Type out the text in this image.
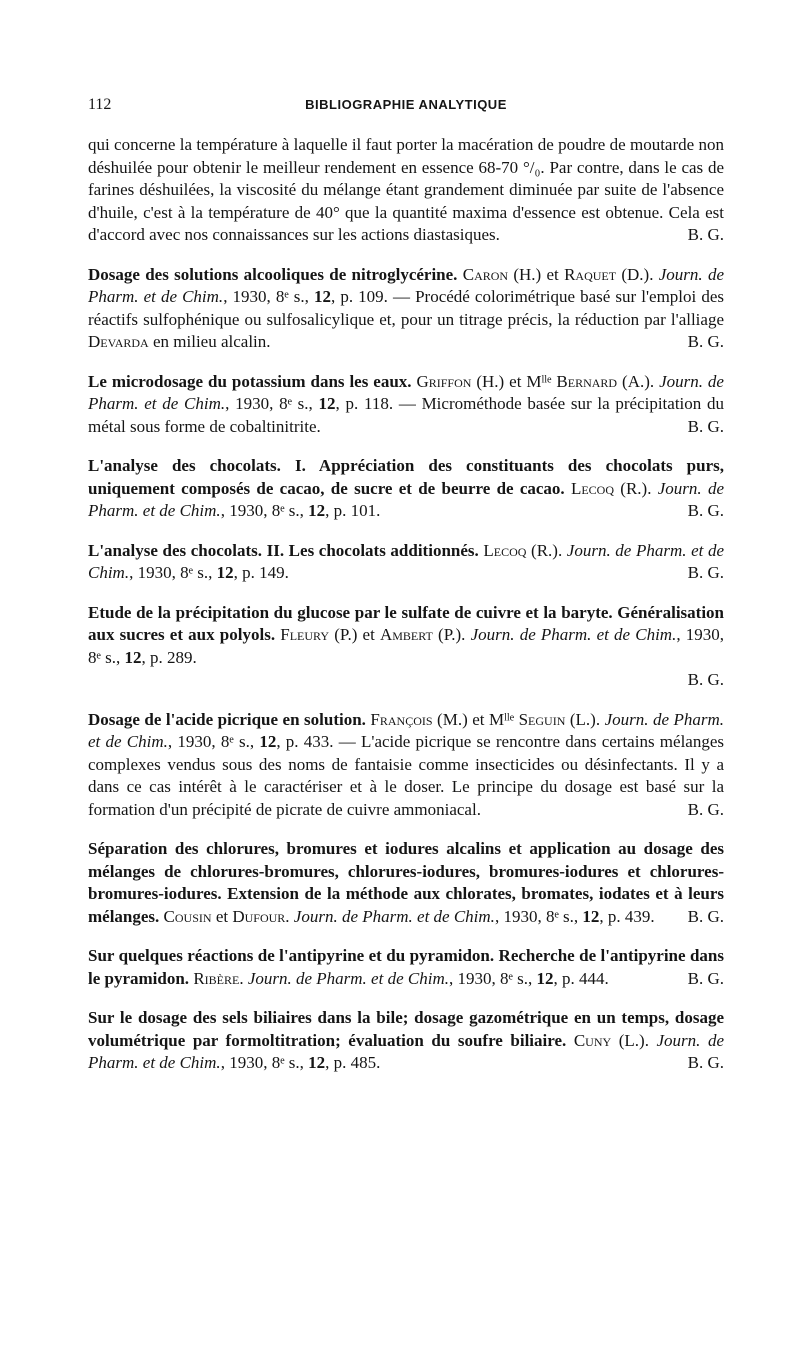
112	BIBLIOGRAPHIE ANALYTIQUE

qui concerne la température à laquelle il faut porter la macération de poudre de moutarde non déshuilée pour obtenir le meilleur rendement en essence 68-70 °/₀. Par contre, dans le cas de farines déshuilées, la viscosité du mélange étant grandement diminuée par suite de l'absence d'huile, c'est à la température de 40° que la quantité maxima d'essence est obtenue. Cela est d'accord avec nos connaissances sur les actions diastasiques.	B. G.

Dosage des solutions alcooliques de nitroglycérine. Caron (H.) et Raquet (D.). Journ. de Pharm. et de Chim., 1930, 8ᵉ s., 12, p. 109. — Procédé colorimétrique basé sur l'emploi des réactifs sulfophénique ou sulfosalicylique et, pour un titrage précis, la réduction par l'alliage Devarda en milieu alcalin.	B. G.

Le microdosage du potassium dans les eaux. Griffon (H.) et Mˡˡᵉ Bernard (A.). Journ. de Pharm. et de Chim., 1930, 8ᵉ s., 12, p. 118. — Microméthode basée sur la précipitation du métal sous forme de cobaltinitrite.	B. G.

L'analyse des chocolats. I. Appréciation des constituants des chocolats purs, uniquement composés de cacao, de sucre et de beurre de cacao. Lecoq (R.). Journ. de Pharm. et de Chim., 1930, 8ᵉ s., 12, p. 101.	B. G.

L'analyse des chocolats. II. Les chocolats additionnés. Lecoq (R.). Journ. de Pharm. et de Chim., 1930, 8ᵉ s., 12, p. 149.	B. G.

Etude de la précipitation du glucose par le sulfate de cuivre et la baryte. Généralisation aux sucres et aux polyols. Fleury (P.) et Ambert (P.). Journ. de Pharm. et de Chim., 1930, 8ᵉ s., 12, p. 289.
B. G.

Dosage de l'acide picrique en solution. François (M.) et Mˡˡᵉ Seguin (L.). Journ. de Pharm. et de Chim., 1930, 8ᵉ s., 12, p. 433. — L'acide picrique se rencontre dans certains mélanges complexes vendus sous des noms de fantaisie comme insecticides ou désinfectants. Il y a dans ce cas intérêt à le caractériser et à le doser. Le principe du dosage est basé sur la formation d'un précipité de picrate de cuivre ammoniacal.	B. G.

Séparation des chlorures, bromures et iodures alcalins et application au dosage des mélanges de chlorures-bromures, chlorures-iodures, bromures-iodures et chlorures-bromures-iodures. Extension de la méthode aux chlorates, bromates, iodates et à leurs mélanges. Cousin et Dufour. Journ. de Pharm. et de Chim., 1930, 8ᵉ s., 12, p. 439. B. G.

Sur quelques réactions de l'antipyrine et du pyramidon. Recherche de l'antipyrine dans le pyramidon. Ribère. Journ. de Pharm. et de Chim., 1930, 8ᵉ s., 12, p. 444.	B. G.

Sur le dosage des sels biliaires dans la bile; dosage gazométrique en un temps, dosage volumétrique par formoltitration; évaluation du soufre biliaire. Cuny (L.). Journ. de Pharm. et de Chim., 1930, 8ᵉ s., 12, p. 485.	B. G.
